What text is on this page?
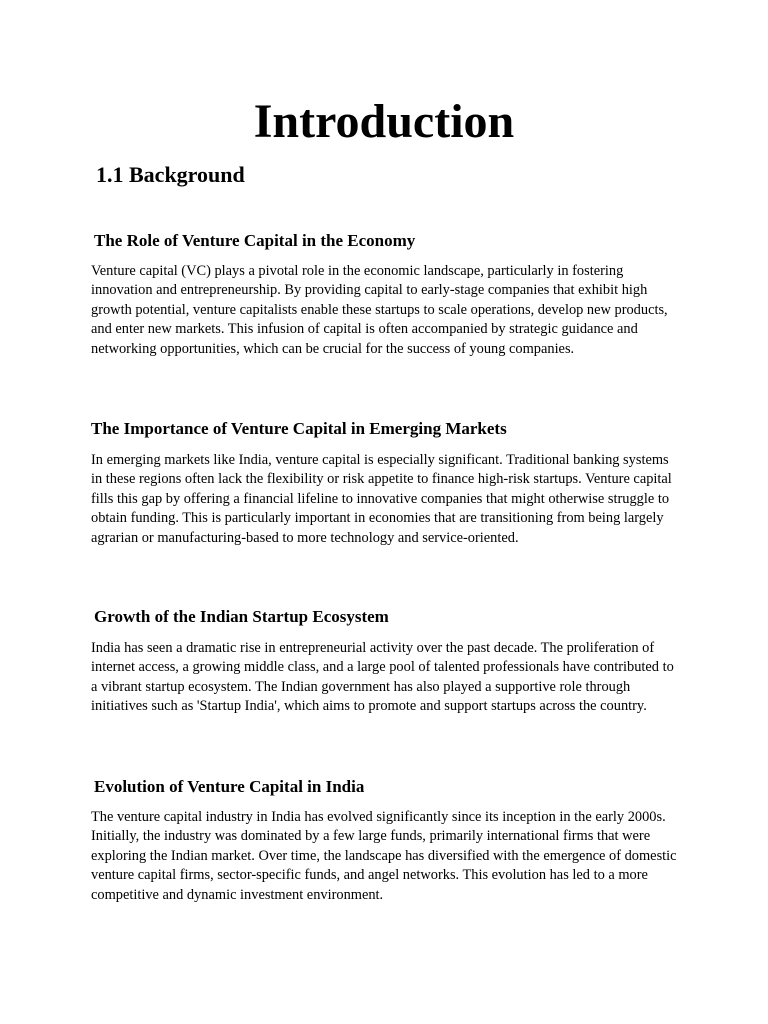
Introduction
1.1 Background
The Role of Venture Capital in the Economy

Venture capital (VC) plays a pivotal role in the economic landscape, particularly in fostering innovation and entrepreneurship. By providing capital to early-stage companies that exhibit high growth potential, venture capitalists enable these startups to scale operations, develop new products, and enter new markets. This infusion of capital is often accompanied by strategic guidance and networking opportunities, which can be crucial for the success of young companies.

The Importance of Venture Capital in Emerging Markets

In emerging markets like India, venture capital is especially significant. Traditional banking systems in these regions often lack the flexibility or risk appetite to finance high-risk startups. Venture capital fills this gap by offering a financial lifeline to innovative companies that might otherwise struggle to obtain funding. This is particularly important in economies that are transitioning from being largely agrarian or manufacturing-based to more technology and service-oriented.

Growth of the Indian Startup Ecosystem

India has seen a dramatic rise in entrepreneurial activity over the past decade. The proliferation of internet access, a growing middle class, and a large pool of talented professionals have contributed to a vibrant startup ecosystem. The Indian government has also played a supportive role through initiatives such as 'Startup India', which aims to promote and support startups across the country.

Evolution of Venture Capital in India

The venture capital industry in India has evolved significantly since its inception in the early 2000s. Initially, the industry was dominated by a few large funds, primarily international firms that were exploring the Indian market. Over time, the landscape has diversified with the emergence of domestic venture capital firms, sector-specific funds, and angel networks. This evolution has led to a more competitive and dynamic investment environment.
